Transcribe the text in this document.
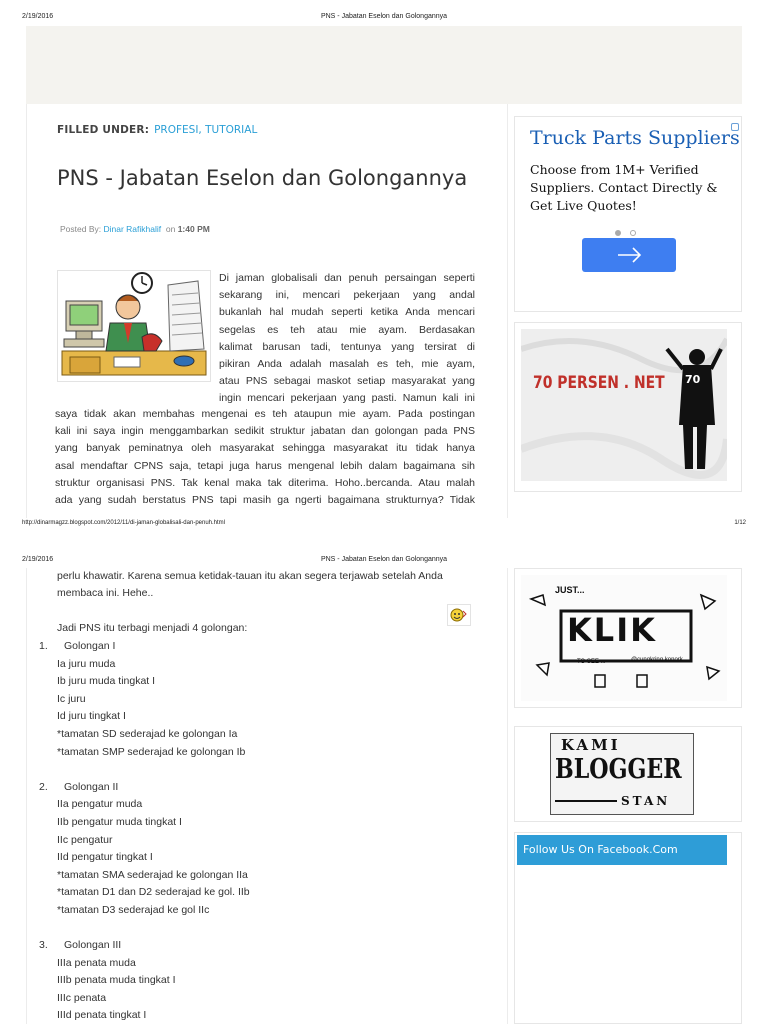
2/19/2016	PNS - Jabatan Eselon dan Golongannya
FILLED UNDER: PROFESI, TUTORIAL
PNS - Jabatan Eselon dan Golongannya
Posted By: Dinar Rafikhalif on 1:40 PM
Di jaman globalisali dan penuh persaingan seperti
sekarang ini, mencari pekerjaan yang andal
bukanlah hal mudah seperti ketika Anda mencari
segelas es teh atau mie ayam. Berdasakan
kalimat barusan tadi, tentunya yang tersirat di
pikiran Anda adalah masalah es teh, mie ayam,
atau PNS sebagai maskot setiap masyarakat yang
ingin mencari pekerjaan yang pasti. Namun kali ini
saya tidak akan membahas mengenai es teh ataupun mie ayam. Pada postingan
kali ini saya ingin menggambarkan sedikit struktur jabatan dan golongan pada PNS
yang banyak peminatnya oleh masyarakat sehingga masyarakat itu tidak hanya
asal mendaftar CPNS saja, tetapi juga harus mengenal lebih dalam bagaimana sih
struktur organisasi PNS. Tak kenal maka tak diterima. Hoho..bercanda. Atau malah
ada yang sudah berstatus PNS tapi masih ga ngerti bagaimana strukturnya? Tidak
Truck Parts Suppliers
Choose from 1M+ Verified Suppliers. Contact Directly & Get Live Quotes!
70 PERSEN . NET 70
http://dinarmagzz.blogspot.com/2012/11/di-jaman-globalisali-dan-penuh.html	1/12
2/19/2016	PNS - Jabatan Eselon dan Golongannya
perlu khawatir. Karena semua ketidak-tauan itu akan segera terjawab setelah Anda
membaca ini. Hehe..
Jadi PNS itu terbagi menjadi 4 golongan:
1.	Golongan I
Ia juru muda
Ib juru muda tingkat I
Ic juru
Id juru tingkat I
*tamatan SD sederajad ke golongan Ia
*tamatan SMP sederajad ke golongan Ib
2.	Golongan II
IIa pengatur muda
IIb pengatur muda tingkat I
IIc pengatur
IId pengatur tingkat I
*tamatan SMA sederajad ke golongan IIa
*tamatan D1 dan D2 sederajad ke gol. IIb
*tamatan D3 sederajad ke gol IIc
3.	Golongan III
IIIa penata muda
IIIb penata muda tingkat I
IIIc penata
IIId penata tingkat I
JUST...
KLIK
TO SEE ...	@cungkring konork
KAMI
BLOGGER
STAN
Follow Us On Facebook.Com
